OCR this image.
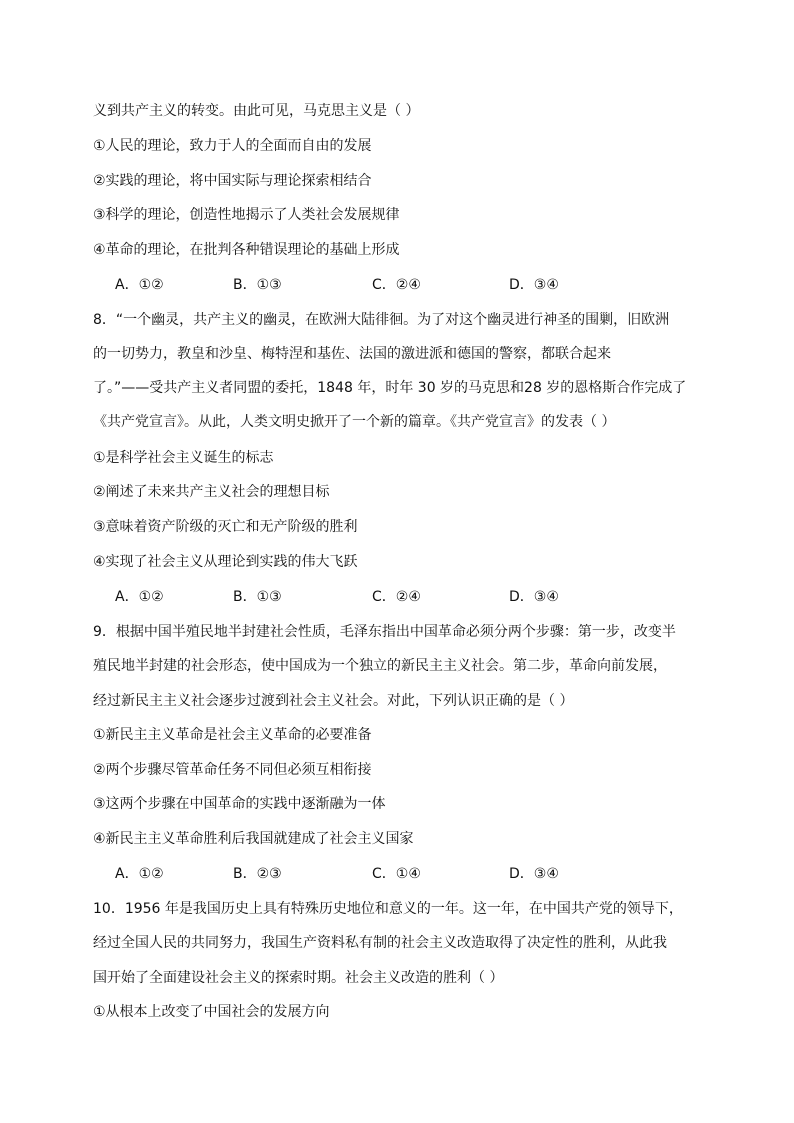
义到共产主义的转变。由此可见，马克思主义是（ ）
①人民的理论，致力于人的全面而自由的发展
②实践的理论，将中国实际与理论探索相结合
③科学的理论，创造性地揭示了人类社会发展规律
④革命的理论，在批判各种错误理论的基础上形成
A．①②	B．①③	C．②④	D．③④
8．“一个幽灵，共产主义的幽灵，在欧洲大陆徘徊。为了对这个幽灵进行神圣的围剿，旧欧洲
的一切势力，教皇和沙皇、梅特涅和基佐、法国的激进派和德国的警察，都联合起来
了。”——受共产主义者同盟的委托，1848 年，时年 30 岁的马克思和28 岁的恩格斯合作完成了
《共产党宣言》。从此，人类文明史掀开了一个新的篇章。《共产党宣言》的发表（ ）
①是科学社会主义诞生的标志
②阐述了未来共产主义社会的理想目标
③意味着资产阶级的灭亡和无产阶级的胜利
④实现了社会主义从理论到实践的伟大飞跃
A．①②	B．①③	C．②④	D．③④
9．根据中国半殖民地半封建社会性质，毛泽东指出中国革命必须分两个步骤：第一步，改变半
殖民地半封建的社会形态，使中国成为一个独立的新民主主义社会。第二步，革命向前发展，
经过新民主主义社会逐步过渡到社会主义社会。对此，下列认识正确的是（ ）
①新民主主义革命是社会主义革命的必要准备
②两个步骤尽管革命任务不同但必须互相衔接
③这两个步骤在中国革命的实践中逐渐融为一体
④新民主主义革命胜利后我国就建成了社会主义国家
A．①②	B．②③	C．①④	D．③④
10．1956 年是我国历史上具有特殊历史地位和意义的一年。这一年，在中国共产党的领导下，
经过全国人民的共同努力，我国生产资料私有制的社会主义改造取得了决定性的胜利，从此我
国开始了全面建设社会主义的探索时期。社会主义改造的胜利（ ）
①从根本上改变了中国社会的发展方向
